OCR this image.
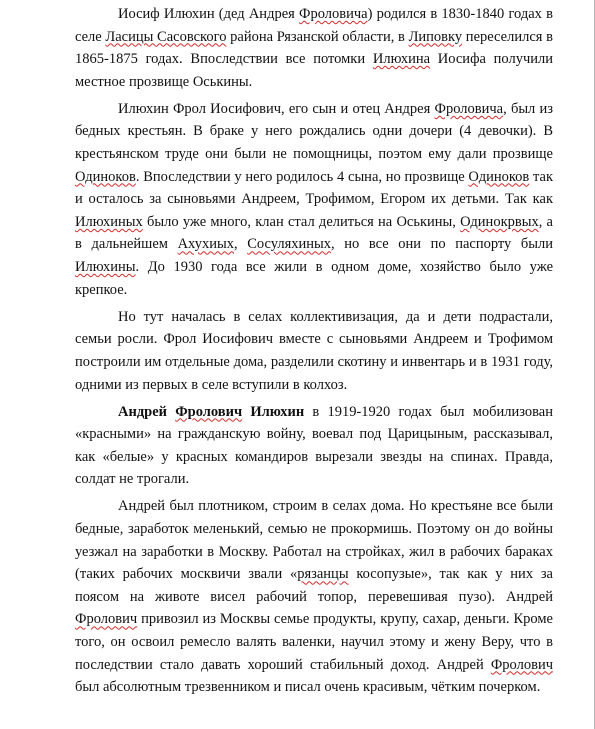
Иосиф Илюхин (дед Андрея Фроловича) родился в 1830-1840 годах в селе Ласицы Сасовского района Рязанской области, в Липовку переселился в 1865-1875 годах. Впоследствии все потомки Илюхина Иосифа получили местное прозвище Оськины.

Илюхин Фрол Иосифович, его сын и отец Андрея Фроловича, был из бедных крестьян. В браке у него рождались одни дочери (4 девочки). В крестьянском труде они были не помощницы, поэтом ему дали прозвище Одиноков. Впоследствии у него родилось 4 сына, но прозвище Одиноков так и осталось за сыновьями Андреем, Трофимом, Егором их детьми. Так как Илюхиных было уже много, клан стал делиться на Оськины, Одинокрвых, а в дальнейшем Ахухиых, Сосуляхиных, но все они по паспорту были Илюхины. До 1930 года все жили в одном доме, хозяйство было уже крепкое.

Но тут началась в селах коллективизация, да и дети подрастали, семьи росли. Фрол Иосифович вместе с сыновьями Андреем и Трофимом построили им отдельные дома, разделили скотину и инвентарь и в 1931 году, одними из первых в селе вступили в колхоз.

Андрей Фролович Илюхин в 1919-1920 годах был мобилизован «красными» на гражданскую войну, воевал под Царицыным, рассказывал, как «белые» у красных командиров вырезали звезды на спинах. Правда, солдат не трогали.

Андрей был плотником, строим в селах дома. Но крестьяне все были бедные, заработок меленький, семью не прокормишь. Поэтому он до войны уезжал на заработки в Москву. Работал на стройках, жил в рабочих бараках (таких рабочих москвичи звали «рязанцы косопузые», так как у них за поясом на животе висел рабочий топор, перевешивая пузо). Андрей Фролович привозил из Москвы семье продукты, крупу, сахар, деньги. Кроме того, он освоил ремесло валять валенки, научил этому и жену Веру, что в последствии стало давать хороший стабильный доход. Андрей Фролович был абсолютным трезвенником и писал очень красивым, чётким почерком.
